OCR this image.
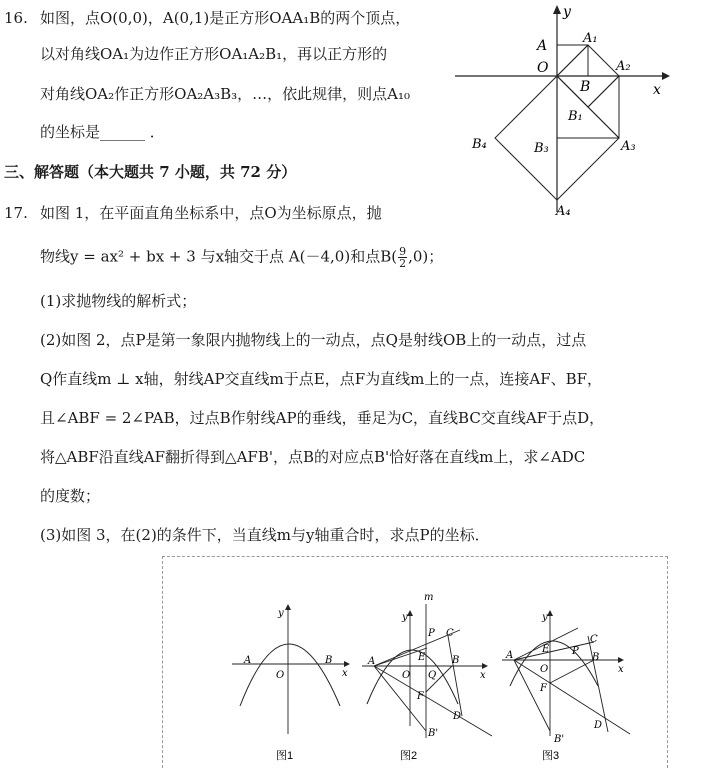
16. 如图，点O(0,0)，A(0,1)是正方形OAA₁B的两个顶点，
以对角线OA₁为边作正方形OA₁A₂B₁，再以正方形的
对角线OA₂作正方形OA₂A₃B₃，…，依此规律，则点A₁₀
的坐标是______ ．
y
x
A	A₁
O	A₂
B
B₁
B₄	B₃	A₃
A₄
三、解答题（本大题共 7 小题，共 72 分）
17. 如图 1，在平面直角坐标系中，点O为坐标原点，抛
物线y = ax² + bx + 3 与x轴交于点 A(－4,0)和点$B( \frac{9}{2} ,0)$；
(1)求抛物线的解析式；
(2)如图 2，点P是第一象限内抛物线上的一动点，点Q是射线OB上的一动点，过点
Q作直线m ⊥ x轴，射线AP交直线m于点E，点F为直线m上的一点，连接AF、BF，
且∠ABF = 2∠PAB，过点B作射线AP的垂线，垂足为C，直线BC交直线AF于点D，
将△ABF沿直线AF翻折得到△AFB'，点B的对应点B'恰好落在直线m上，求∠ADC
的度数；
(3)如图 3，在(2)的条件下，当直线m与y轴重合时，求点P的坐标．
y
x
A	B
O
图1
m
y
x
A
P C
E	B
O Q
F
D
B'
图2
y
x
A
C
E P
B
O
F
D
B'
图3
